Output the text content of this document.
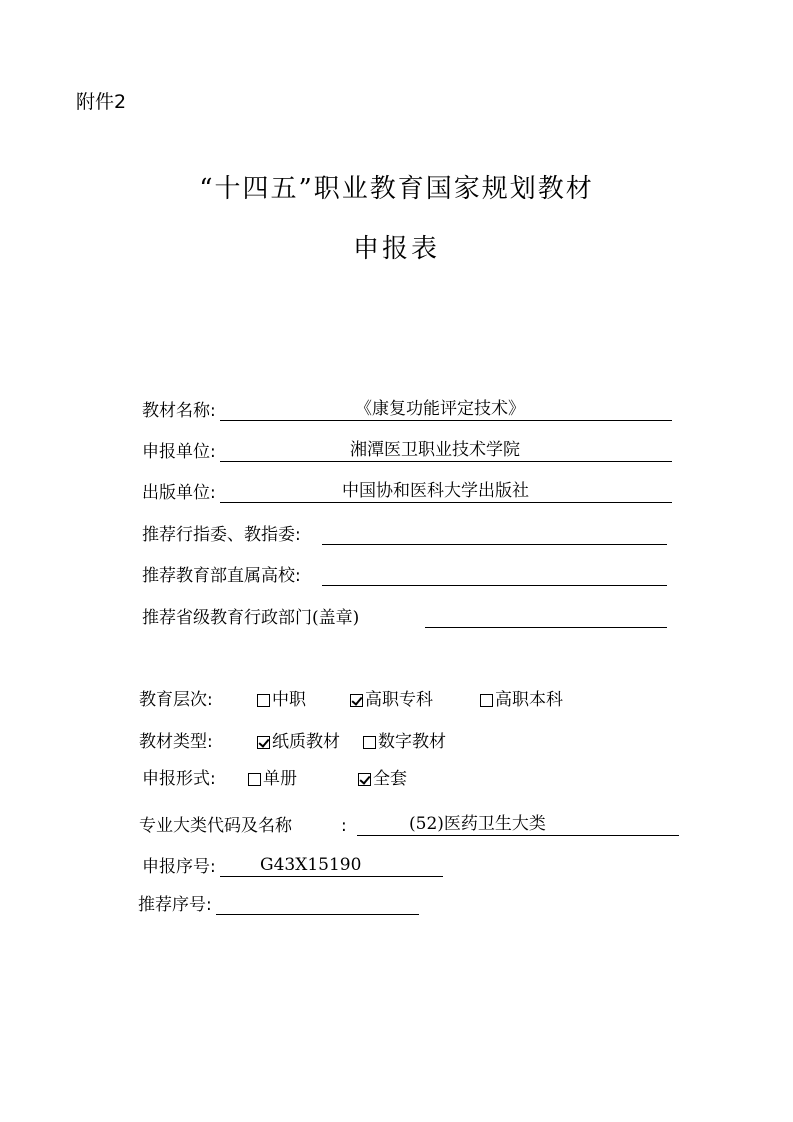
附件2
“十四五”职业教育国家规划教材
申报表
教材名称:	《康复功能评定技术》
申报单位:	湘潭医卫职业技术学院
出版单位:	中国协和医科大学出版社
推荐行指委、教指委:
推荐教育部直属高校:
推荐省级教育行政部门(盖章)
教育层次:	中职	高职专科	高职本科
教材类型:	纸质教材 数字教材
申报形式:	单册	全套
专业大类代码及名称	:	(52)医药卫生大类
申报序号:	G43X15190
推荐序号:
